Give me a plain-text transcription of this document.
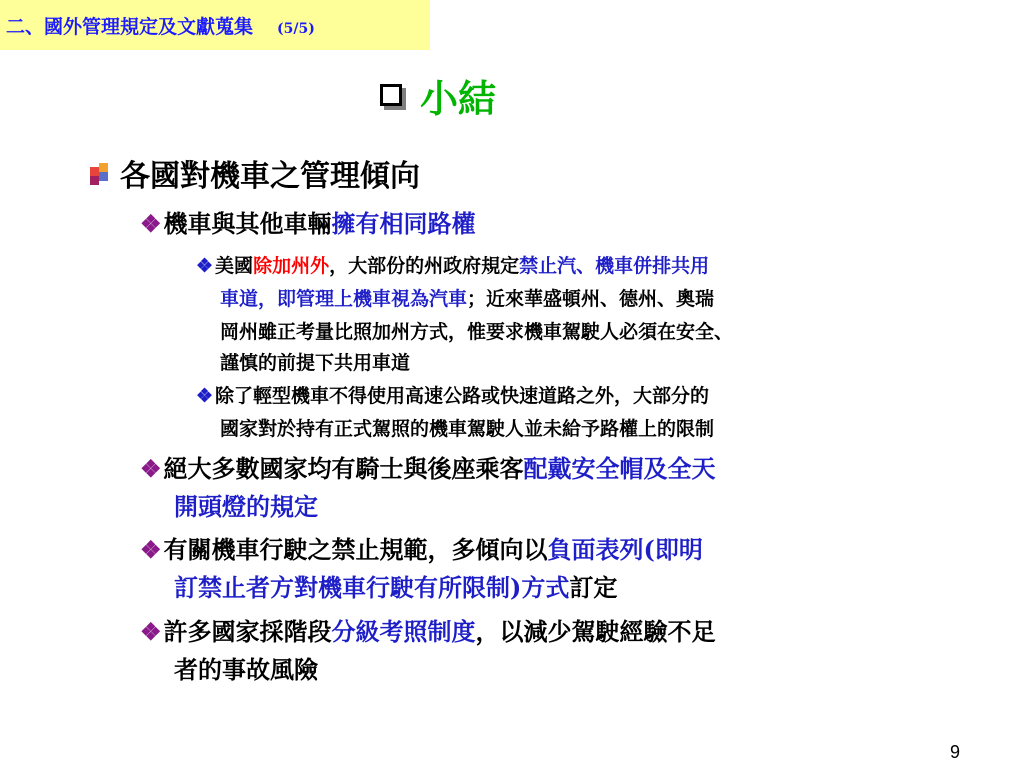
二、國外管理規定及文獻蒐集 (5/5)
小結
各國對機車之管理傾向
❖機車與其他車輛擁有相同路權
❖ 美國除加州外，大部份的州政府規定禁止汽、機車併排共用
車道，即管理上機車視為汽車；近來華盛頓州、德州、奧瑞
岡州雖正考量比照加州方式，惟要求機車駕駛人必須在安全、
謹慎的前提下共用車道
❖ 除了輕型機車不得使用高速公路或快速道路之外，大部分的
國家對於持有正式駕照的機車駕駛人並未給予路權上的限制
❖絕大多數國家均有騎士與後座乘客配戴安全帽及全天
開頭燈的規定
❖有關機車行駛之禁止規範，多傾向以負面表列(即明
訂禁止者方對機車行駛有所限制)方式訂定
❖許多國家採階段分級考照制度，以減少駕駛經驗不足
者的事故風險
9
